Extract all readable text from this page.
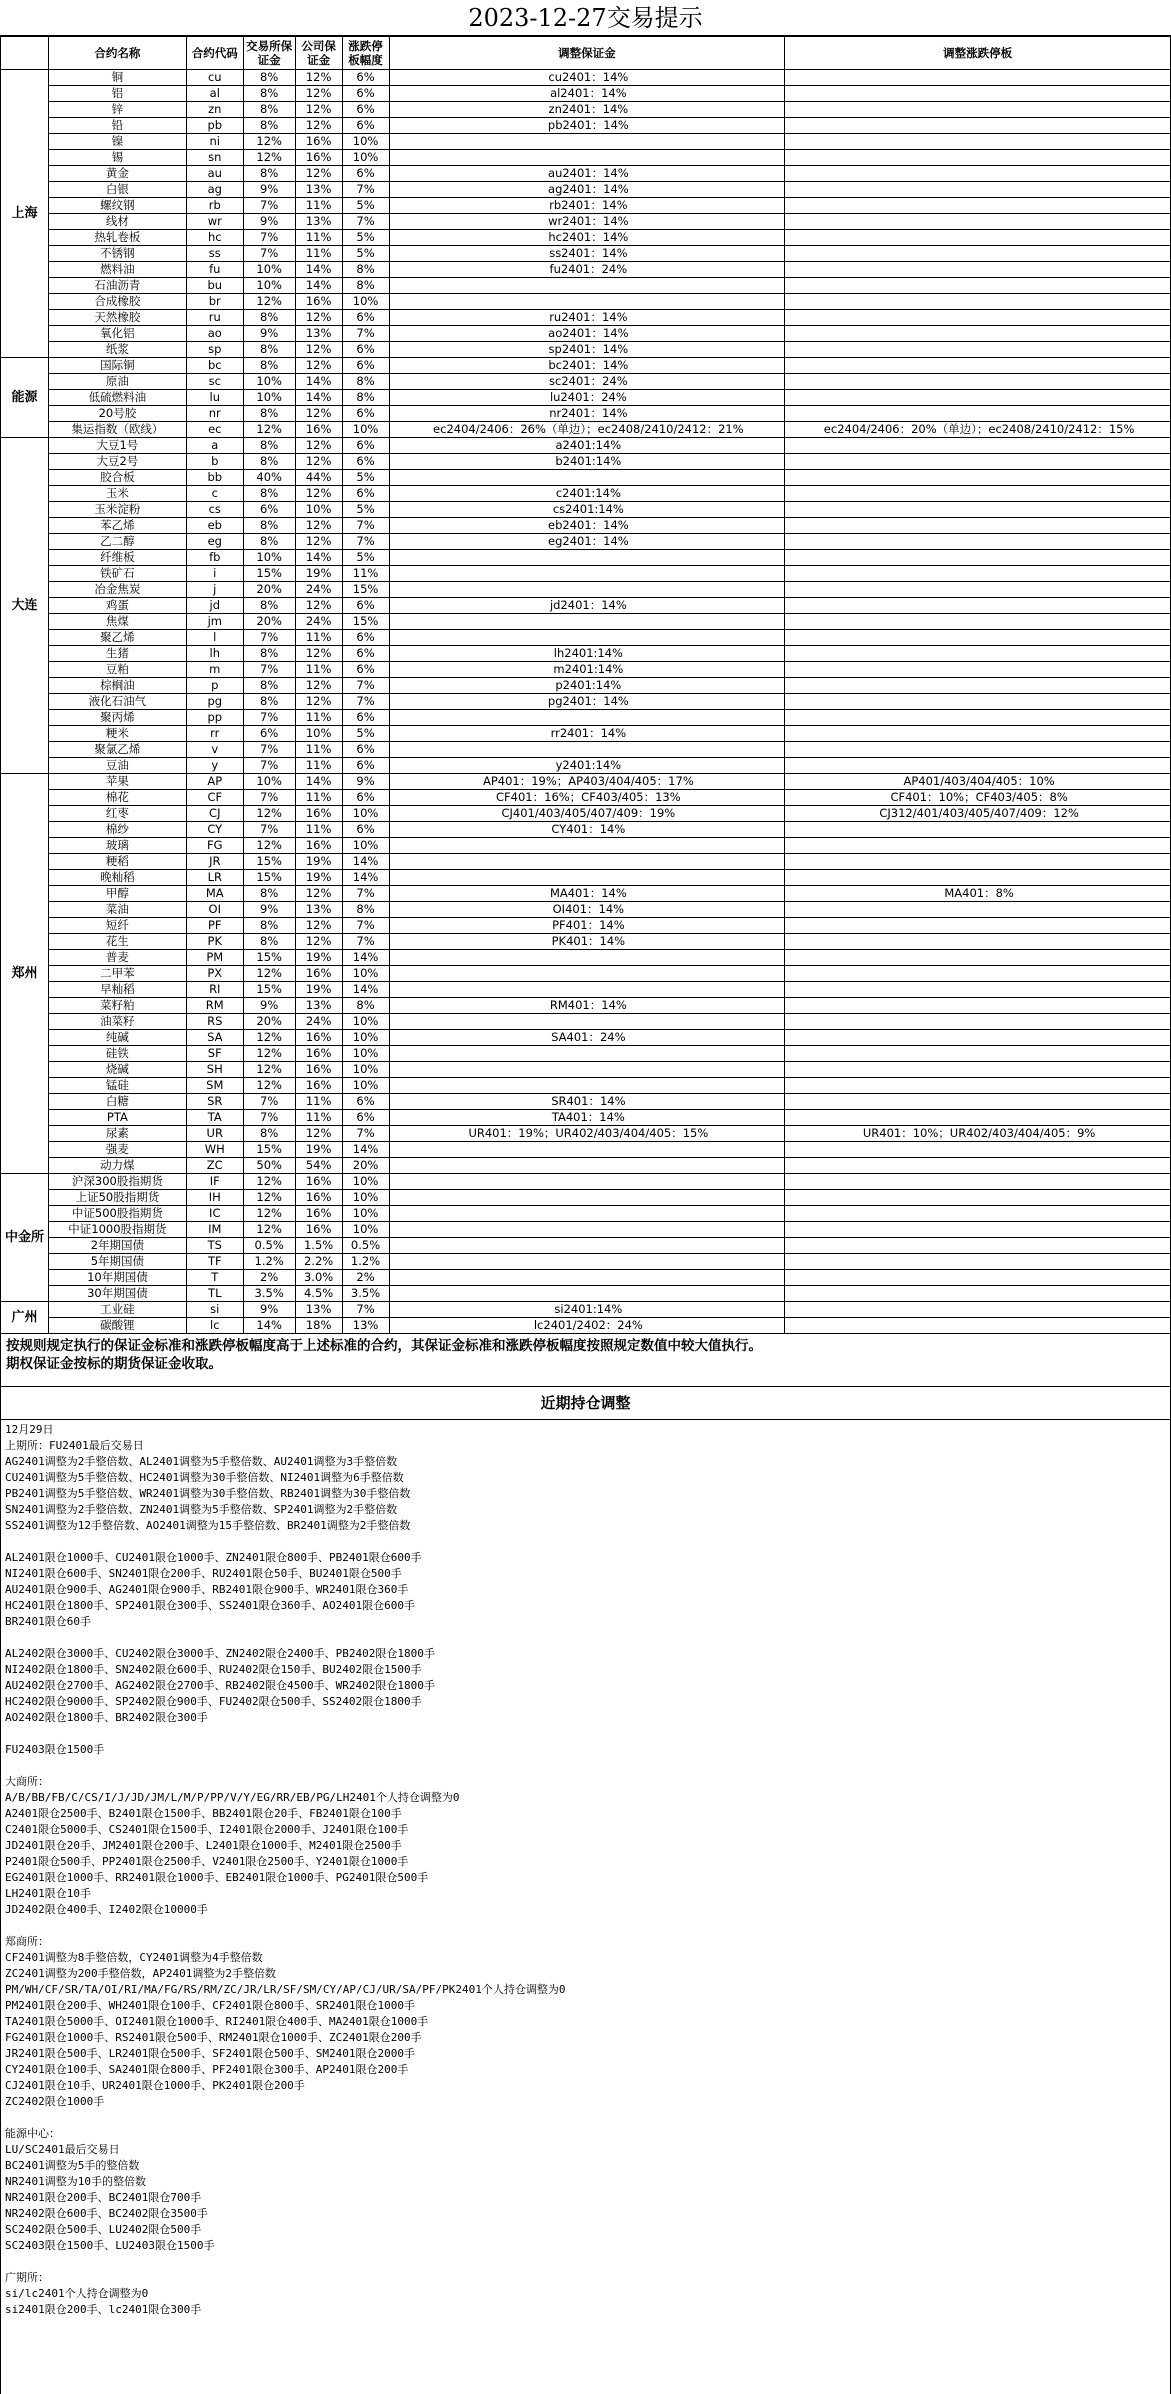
2023-12-27交易提示
	合约名称	合约代码	交易所保证金	公司保证金	涨跌停板幅度	调整保证金	调整涨跌停板
上海	铜	cu	8%	12%	6%	cu2401：14%	
	铝	al	8%	12%	6%	al2401：14%	
	锌	zn	8%	12%	6%	zn2401：14%	
	铅	pb	8%	12%	6%	pb2401：14%	
	镍	ni	12%	16%	10%		
	锡	sn	12%	16%	10%		
	黄金	au	8%	12%	6%	au2401：14%	
	白银	ag	9%	13%	7%	ag2401：14%	
	螺纹钢	rb	7%	11%	5%	rb2401：14%	
	线材	wr	9%	13%	7%	wr2401：14%	
	热轧卷板	hc	7%	11%	5%	hc2401：14%	
	不锈钢	ss	7%	11%	5%	ss2401：14%	
	燃料油	fu	10%	14%	8%	fu2401：24%	
	石油沥青	bu	10%	14%	8%		
	合成橡胶	br	12%	16%	10%		
	天然橡胶	ru	8%	12%	6%	ru2401：14%	
	氧化铝	ao	9%	13%	7%	ao2401：14%	
	纸浆	sp	8%	12%	6%	sp2401：14%	
能源	国际铜	bc	8%	12%	6%	bc2401：14%	
	原油	sc	10%	14%	8%	sc2401：24%	
	低硫燃料油	lu	10%	14%	8%	lu2401：24%	
	20号胶	nr	8%	12%	6%	nr2401：14%	
	集运指数（欧线）	ec	12%	16%	10%	ec2404/2406：26%（单边）；ec2408/2410/2412：21%	ec2404/2406：20%（单边）；ec2408/2410/2412：15%
大连	大豆1号	a	8%	12%	6%	a2401:14%	
	大豆2号	b	8%	12%	6%	b2401:14%	
	胶合板	bb	40%	44%	5%		
	玉米	c	8%	12%	6%	c2401:14%	
	玉米淀粉	cs	6%	10%	5%	cs2401:14%	
	苯乙烯	eb	8%	12%	7%	eb2401：14%	
	乙二醇	eg	8%	12%	7%	eg2401：14%	
	纤维板	fb	10%	14%	5%		
	铁矿石	i	15%	19%	11%		
	冶金焦炭	j	20%	24%	15%		
	鸡蛋	jd	8%	12%	6%	jd2401：14%	
	焦煤	jm	20%	24%	15%		
	聚乙烯	l	7%	11%	6%		
	生猪	lh	8%	12%	6%	lh2401:14%	
	豆粕	m	7%	11%	6%	m2401:14%	
	棕榈油	p	8%	12%	7%	p2401:14%	
	液化石油气	pg	8%	12%	7%	pg2401：14%	
	聚丙烯	pp	7%	11%	6%		
	粳米	rr	6%	10%	5%	rr2401：14%	
	聚氯乙烯	v	7%	11%	6%		
	豆油	y	7%	11%	6%	y2401:14%	
郑州	苹果	AP	10%	14%	9%	AP401：19%；AP403/404/405：17%	AP401/403/404/405：10%
	棉花	CF	7%	11%	6%	CF401：16%；CF403/405：13%	CF401：10%；CF403/405：8%
	红枣	CJ	12%	16%	10%	CJ401/403/405/407/409：19%	CJ312/401/403/405/407/409：12%
	棉纱	CY	7%	11%	6%	CY401：14%	
	玻璃	FG	12%	16%	10%		
	粳稻	JR	15%	19%	14%		
	晚籼稻	LR	15%	19%	14%		
	甲醇	MA	8%	12%	7%	MA401：14%	MA401：8%
	菜油	OI	9%	13%	8%	OI401：14%	
	短纤	PF	8%	12%	7%	PF401：14%	
	花生	PK	8%	12%	7%	PK401：14%	
	普麦	PM	15%	19%	14%		
	二甲苯	PX	12%	16%	10%		
	早籼稻	RI	15%	19%	14%		
	菜籽粕	RM	9%	13%	8%	RM401：14%	
	油菜籽	RS	20%	24%	10%		
	纯碱	SA	12%	16%	10%	SA401：24%	
	硅铁	SF	12%	16%	10%		
	烧碱	SH	12%	16%	10%		
	锰硅	SM	12%	16%	10%		
	白糖	SR	7%	11%	6%	SR401：14%	
	PTA	TA	7%	11%	6%	TA401：14%	
	尿素	UR	8%	12%	7%	UR401：19%；UR402/403/404/405：15%	UR401：10%；UR402/403/404/405：9%
	强麦	WH	15%	19%	14%		
	动力煤	ZC	50%	54%	20%		
中金所	沪深300股指期货	IF	12%	16%	10%		
	上证50股指期货	IH	12%	16%	10%		
	中证500股指期货	IC	12%	16%	10%		
	中证1000股指期货	IM	12%	16%	10%		
	2年期国债	TS	0.5%	1.5%	0.5%		
	5年期国债	TF	1.2%	2.2%	1.2%		
	10年期国债	T	2%	3.0%	2%		
	30年期国债	TL	3.5%	4.5%	3.5%		
广州	工业硅	si	9%	13%	7%	si2401:14%	
	碳酸锂	lc	14%	18%	13%	lc2401/2402：24%	

按规则规定执行的保证金标准和涨跌停板幅度高于上述标准的合约，其保证金标准和涨跌停板幅度按照规定数值中较大值执行。
期权保证金按标的期货保证金收取。							

近期持仓调整							
12月29日
上期所：FU2401最后交易日
AG2401调整为2手整倍数、AL2401调整为5手整倍数、AU2401调整为3手整倍数
CU2401调整为5手整倍数、HC2401调整为30手整倍数、NI2401调整为6手整倍数
PB2401调整为5手整倍数、WR2401调整为30手整倍数、RB2401调整为30手整倍数
SN2401调整为2手整倍数、ZN2401调整为5手整倍数、SP2401调整为2手整倍数
SS2401调整为12手整倍数、AO2401调整为15手整倍数、BR2401调整为2手整倍数
AL2401限仓1000手、CU2401限仓1000手、ZN2401限仓800手、PB2401限仓600手
NI2401限仓600手、SN2401限仓200手、RU2401限仓50手、BU2401限仓500手
AU2401限仓900手、AG2401限仓900手、RB2401限仓900手、WR2401限仓360手
HC2401限仓1800手、SP2401限仓300手、SS2401限仓360手、AO2401限仓600手
BR2401限仓60手
AL2402限仓3000手、CU2402限仓3000手、ZN2402限仓2400手、PB2402限仓1800手
NI2402限仓1800手、SN2402限仓600手、RU2402限仓150手、BU2402限仓1500手
AU2402限仓2700手、AG2402限仓2700手、RB2402限仓4500手、WR2402限仓1800手
HC2402限仓9000手、SP2402限仓900手、FU2402限仓500手、SS2402限仓1800手
AO2402限仓1800手、BR2402限仓300手
FU2403限仓1500手
大商所：
A/B/BB/FB/C/CS/I/J/JD/JM/L/M/P/PP/V/Y/EG/RR/EB/PG/LH2401个人持仓调整为0
A2401限仓2500手、B2401限仓1500手、BB2401限仓20手、FB2401限仓100手
C2401限仓5000手、CS2401限仓1500手、I2401限仓2000手、J2401限仓100手
JD2401限仓20手、JM2401限仓200手、L2401限仓1000手、M2401限仓2500手
P2401限仓500手、PP2401限仓2500手、V2401限仓2500手、Y2401限仓1000手
EG2401限仓1000手、RR2401限仓1000手、EB2401限仓1000手、PG2401限仓500手
LH2401限仓10手
JD2402限仓400手、I2402限仓10000手
郑商所：
CF2401调整为8手整倍数，CY2401调整为4手整倍数
ZC2401调整为200手整倍数，AP2401调整为2手整倍数
PM/WH/CF/SR/TA/OI/RI/MA/FG/RS/RM/ZC/JR/LR/SF/SM/CY/AP/CJ/UR/SA/PF/PK2401个人持仓调整为0
PM2401限仓200手、WH2401限仓100手、CF2401限仓800手、SR2401限仓1000手
TA2401限仓5000手、OI2401限仓1000手、RI2401限仓400手、MA2401限仓1000手
FG2401限仓1000手、RS2401限仓500手、RM2401限仓1000手、ZC2401限仓200手
JR2401限仓500手、LR2401限仓500手、SF2401限仓500手、SM2401限仓2000手
CY2401限仓100手、SA2401限仓800手、PF2401限仓300手、AP2401限仓200手
CJ2401限仓10手、UR2401限仓1000手、PK2401限仓200手
ZC2402限仓1000手
能源中心：
LU/SC2401最后交易日
BC2401调整为5手的整倍数
NR2401调整为10手的整倍数
NR2401限仓200手、BC2401限仓700手
NR2402限仓600手、BC2402限仓3500手
SC2402限仓500手、LU2402限仓500手
SC2403限仓1500手、LU2403限仓1500手
广期所：
si/lc2401个人持仓调整为0
si2401限仓200手、lc2401限仓300手
